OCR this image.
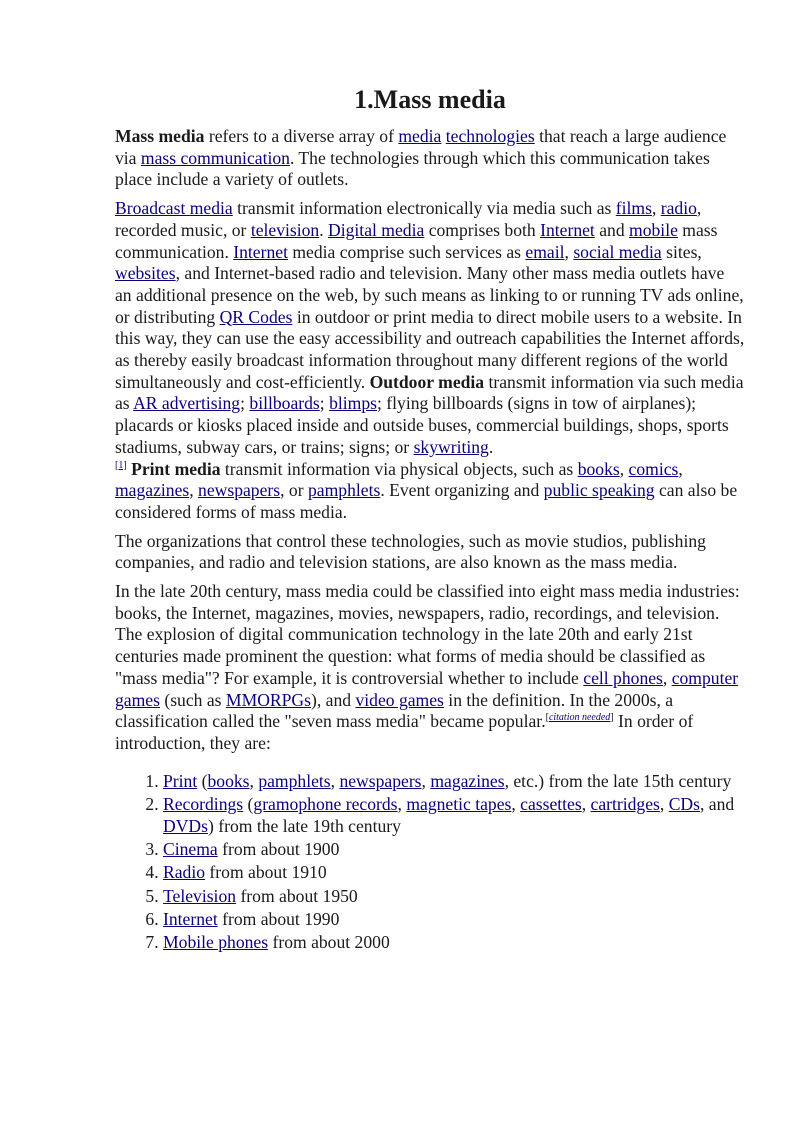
1.Mass media

Mass media refers to a diverse array of media technologies that reach a large audience via mass communication. The technologies through which this communication takes place include a variety of outlets.

Broadcast media transmit information electronically via media such as films, radio, recorded music, or television. Digital media comprises both Internet and mobile mass communication. Internet media comprise such services as email, social media sites, websites, and Internet-based radio and television. Many other mass media outlets have an additional presence on the web, by such means as linking to or running TV ads online, or distributing QR Codes in outdoor or print media to direct mobile users to a website. In this way, they can use the easy accessibility and outreach capabilities the Internet affords, as thereby easily broadcast information throughout many different regions of the world simultaneously and cost-efficiently. Outdoor media transmit information via such media as AR advertising; billboards; blimps; flying billboards (signs in tow of airplanes); placards or kiosks placed inside and outside buses, commercial buildings, shops, sports stadiums, subway cars, or trains; signs; or skywriting.
[1] Print media transmit information via physical objects, such as books, comics, magazines, newspapers, or pamphlets. Event organizing and public speaking can also be considered forms of mass media.

The organizations that control these technologies, such as movie studios, publishing companies, and radio and television stations, are also known as the mass media.

In the late 20th century, mass media could be classified into eight mass media industries: books, the Internet, magazines, movies, newspapers, radio, recordings, and television. The explosion of digital communication technology in the late 20th and early 21st centuries made prominent the question: what forms of media should be classified as "mass media"? For example, it is controversial whether to include cell phones, computer games (such as MMORPGs), and video games in the definition. In the 2000s, a classification called the "seven mass media" became popular.[citation needed] In order of introduction, they are:

1. Print (books, pamphlets, newspapers, magazines, etc.) from the late 15th century
2. Recordings (gramophone records, magnetic tapes, cassettes, cartridges, CDs, and DVDs) from the late 19th century
3. Cinema from about 1900
4. Radio from about 1910
5. Television from about 1950
6. Internet from about 1990
7. Mobile phones from about 2000
